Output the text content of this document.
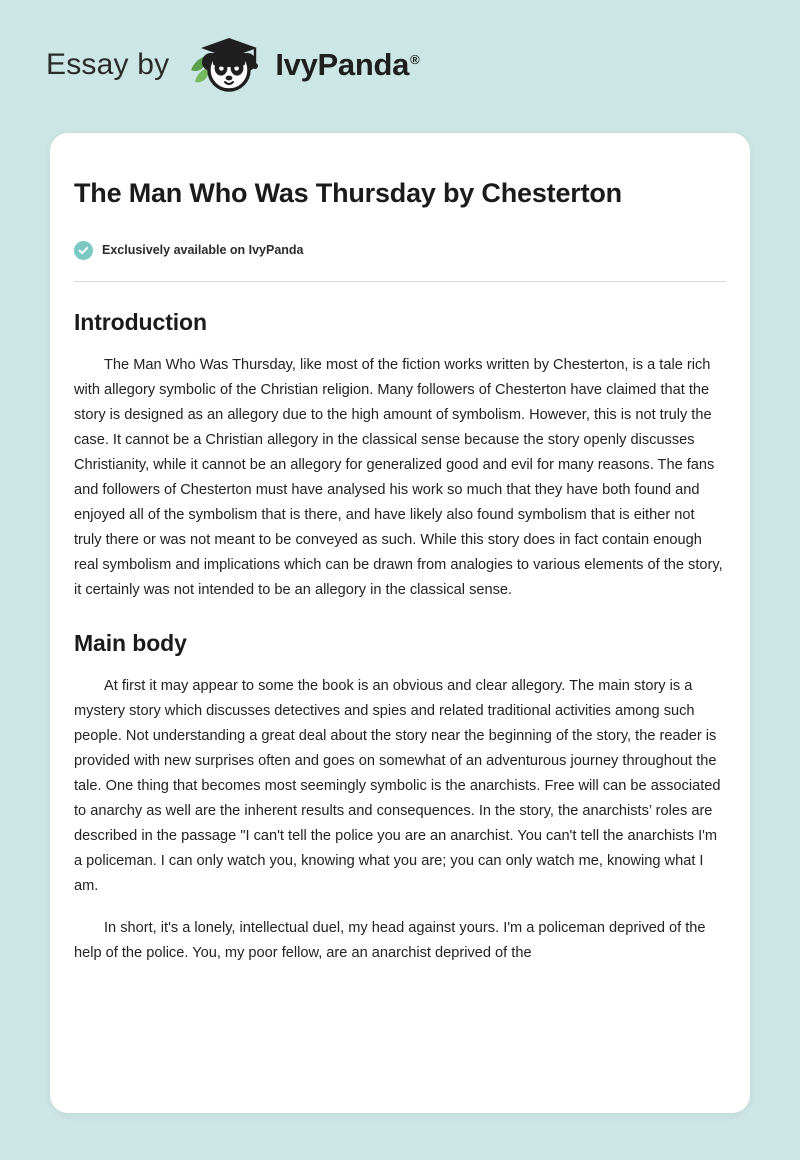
Essay by	IvyPanda®
The Man Who Was Thursday by Chesterton
Exclusively available on IvyPanda
Introduction

The Man Who Was Thursday, like most of the fiction works written by Chesterton, is a tale rich with allegory symbolic of the Christian religion. Many followers of Chesterton have claimed that the story is designed as an allegory due to the high amount of symbolism. However, this is not truly the case. It cannot be a Christian allegory in the classical sense because the story openly discusses Christianity, while it cannot be an allegory for generalized good and evil for many reasons. The fans and followers of Chesterton must have analysed his work so much that they have both found and enjoyed all of the symbolism that is there, and have likely also found symbolism that is either not truly there or was not meant to be conveyed as such. While this story does in fact contain enough real symbolism and implications which can be drawn from analogies to various elements of the story, it certainly was not intended to be an allegory in the classical sense.

Main body

At first it may appear to some the book is an obvious and clear allegory. The main story is a mystery story which discusses detectives and spies and related traditional activities among such people. Not understanding a great deal about the story near the beginning of the story, the reader is provided with new surprises often and goes on somewhat of an adventurous journey throughout the tale. One thing that becomes most seemingly symbolic is the anarchists. Free will can be associated to anarchy as well are the inherent results and consequences. In the story, the anarchists’ roles are described in the passage "I can't tell the police you are an anarchist. You can't tell the anarchists I'm a policeman. I can only watch you, knowing what you are; you can only watch me, knowing what I am.

In short, it's a lonely, intellectual duel, my head against yours. I'm a policeman deprived of the help of the police. You, my poor fellow, are an anarchist deprived of the
